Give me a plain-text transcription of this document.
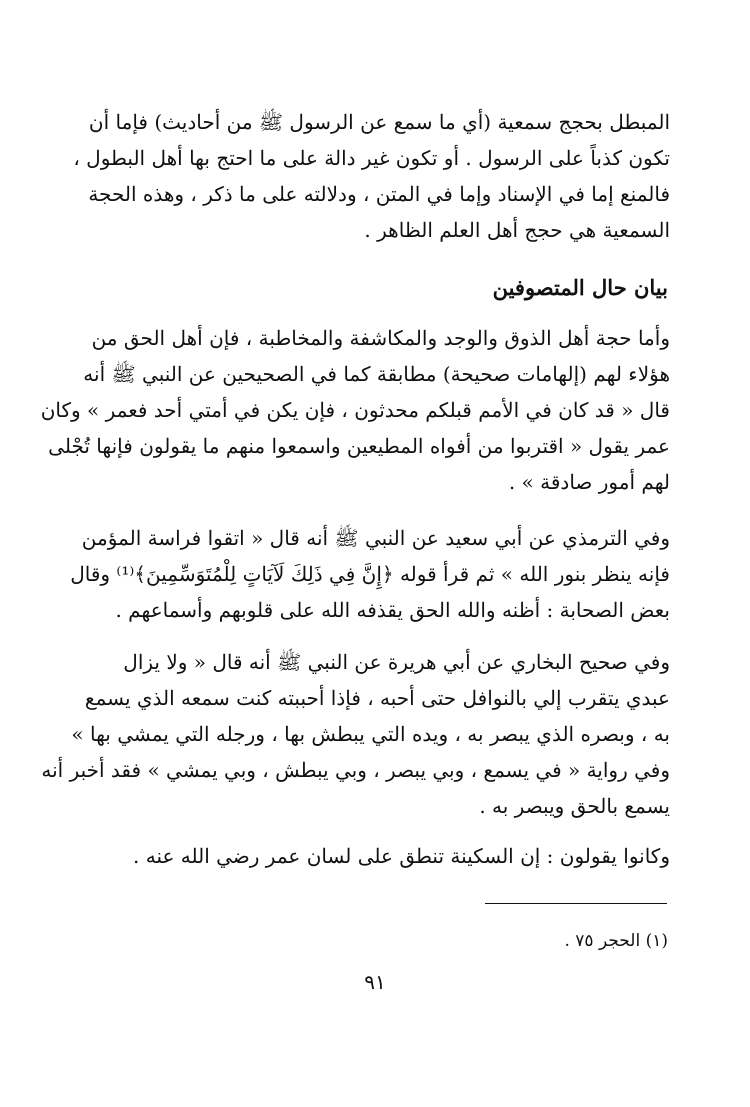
المبطل بحجج سمعية (أي ما سمع عن الرسول ﷺ من أحاديث) فإما أن
تكون كذباً على الرسول . أو تكون غير دالة على ما احتج بها أهل البطول ،
فالمنع إما في الإسناد وإما في المتن ، ودلالته على ما ذكر ، وهذه الحجة
السمعية هي حجج أهل العلم الظاهر .
بيان حال المتصوفين
وأما حجة أهل الذوق والوجد والمكاشفة والمخاطبة ، فإن أهل الحق من
هؤلاء لهم (إلهامات صحيحة) مطابقة كما في الصحيحين عن النبي ﷺ أنه
قال « قد كان في الأمم قبلكم محدثون ، فإن يكن في أمتي أحد فعمر » وكان
عمر يقول « اقتربوا من أفواه المطيعين واسمعوا منهم ما يقولون فإنها تُجْلى
لهم أمور صادقة » .
وفي الترمذي عن أبي سعيد عن النبي ﷺ أنه قال « اتقوا فراسة المؤمن
فإنه ينظر بنور الله » ثم قرأ قوله ﴿إِنَّ فِي ذَلِكَ لَآيَاتٍ لِلْمُتَوَسِّمِينَ﴾⁽¹⁾ وقال
بعض الصحابة : أظنه والله الحق يقذفه الله على قلوبهم وأسماعهم .
وفي صحيح البخاري عن أبي هريرة عن النبي ﷺ أنه قال « ولا يزال
عبدي يتقرب إلي بالنوافل حتى أحبه ، فإذا أحببته كنت سمعه الذي يسمع
به ، وبصره الذي يبصر به ، ويده التي يبطش بها ، ورجله التي يمشي بها »
وفي رواية « في يسمع ، وبي يبصر ، وبي يبطش ، وبي يمشي » فقد أخبر أنه
يسمع بالحق ويبصر به .
وكانوا يقولون : إن السكينة تنطق على لسان عمر رضي الله عنه .
(١) الحجر ٧٥ .
٩١
